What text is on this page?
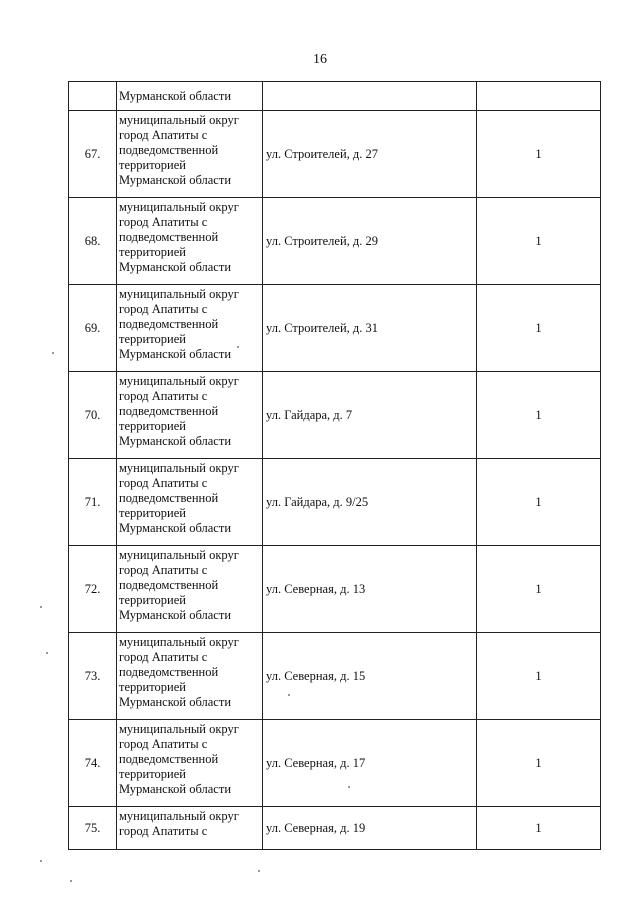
16
	Мурманской области		
67.	муниципальный округ
город Апатиты с
подведомственной
территорией
Мурманской области	ул. Строителей, д. 27	1
68.	муниципальный округ
город Апатиты с
подведомственной
территорией
Мурманской области	ул. Строителей, д. 29	1
69.	муниципальный округ
город Апатиты с
подведомственной
территорией
Мурманской области	ул. Строителей, д. 31	1
70.	муниципальный округ
город Апатиты с
подведомственной
территорией
Мурманской области	ул. Гайдара, д. 7	1
71.	муниципальный округ
город Апатиты с
подведомственной
территорией
Мурманской области	ул. Гайдара, д. 9/25	1
72.	муниципальный округ
город Апатиты с
подведомственной
территорией
Мурманской области	ул. Северная, д. 13	1
73.	муниципальный округ
город Апатиты с
подведомственной
территорией
Мурманской области	ул. Северная, д. 15	1
74.	муниципальный округ
город Апатиты с
подведомственной
территорией
Мурманской области	ул. Северная, д. 17	1
75.	муниципальный округ
город Апатиты с	ул. Северная, д. 19	1
